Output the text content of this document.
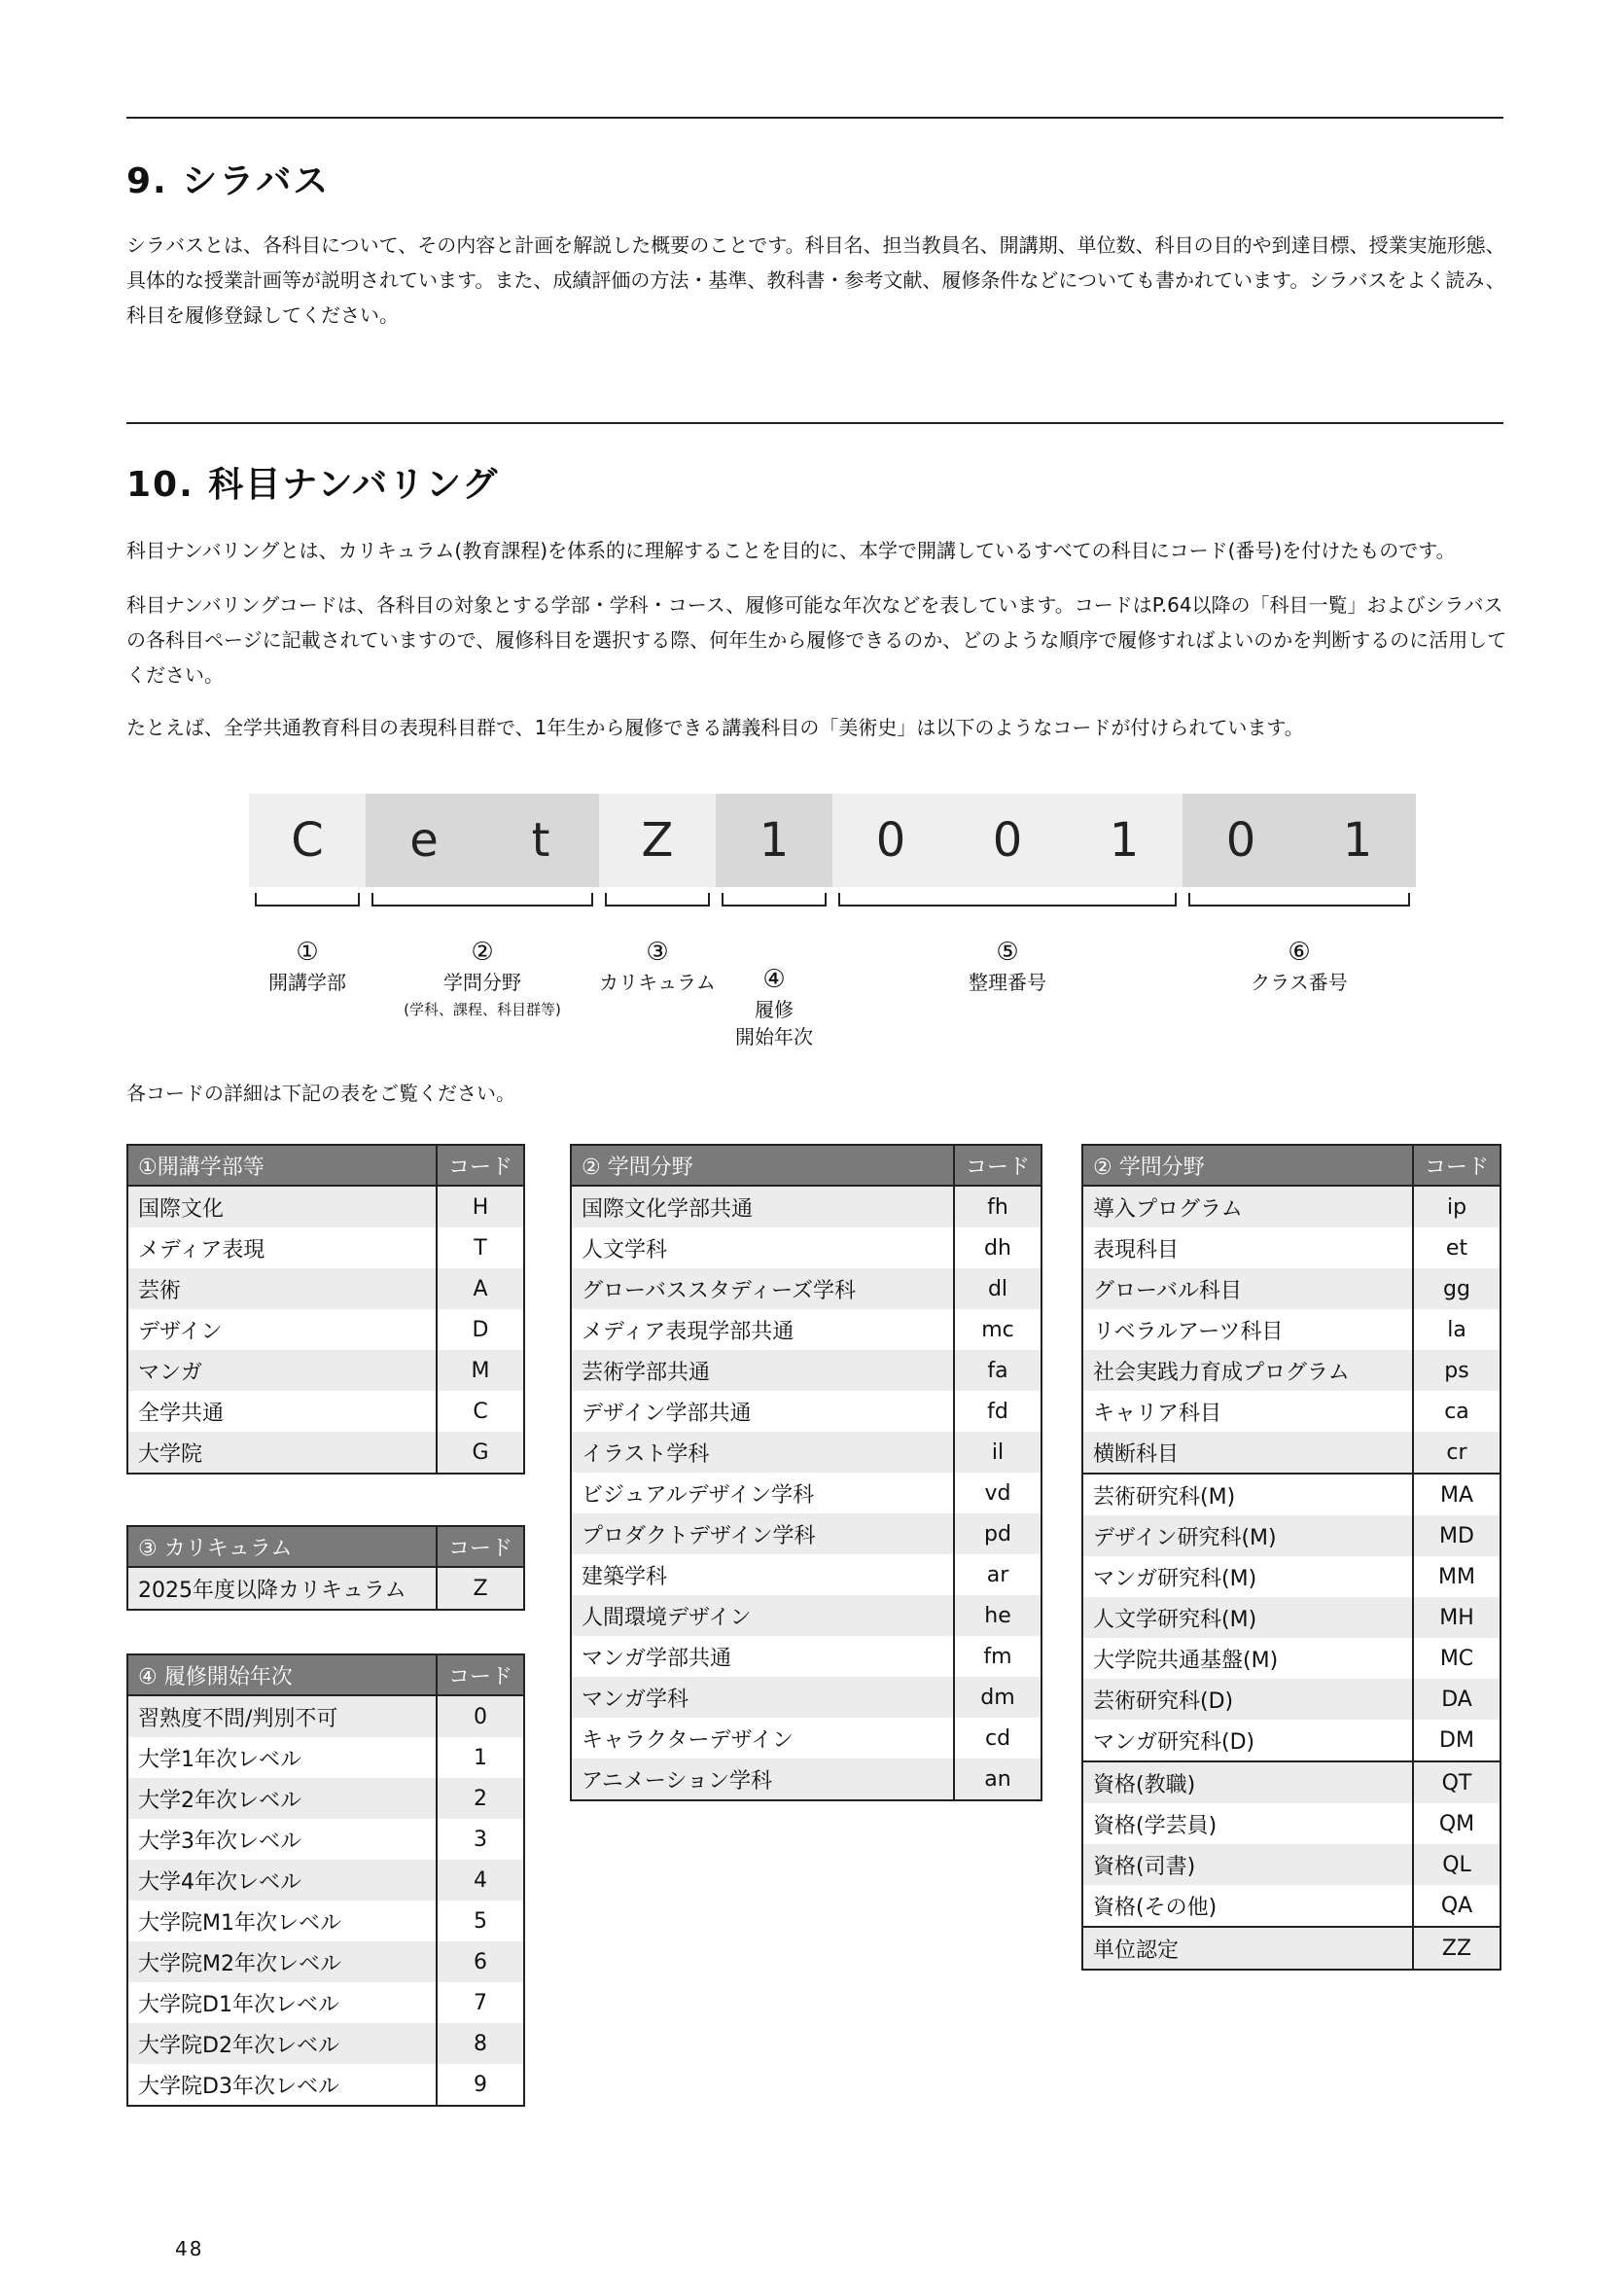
9. シラバス

シラバスとは、各科目について、その内容と計画を解説した概要のことです。科目名、担当教員名、開講期、単位数、科目の目的や到達目標、授業実施形態、具体的な授業計画等が説明されています。また、成績評価の方法・基準、教科書・参考文献、履修条件などについても書かれています。シラバスをよく読み、科目を履修登録してください。

10. 科目ナンバリング

科目ナンバリングとは、カリキュラム(教育課程)を体系的に理解することを目的に、本学で開講しているすべての科目にコード(番号)を付けたものです。

科目ナンバリングコードは、各科目の対象とする学部・学科・コース、履修可能な年次などを表しています。コードはP.64以降の「科目一覧」およびシラバスの各科目ページに記載されていますので、履修科目を選択する際、何年生から履修できるのか、どのような順序で履修すればよいのかを判断するのに活用してください。

たとえば、全学共通教育科目の表現科目群で、1年生から履修できる講義科目の「美術史」は以下のようなコードが付けられています。

C	e	t	Z	1	0	0	1	0	1
①
開講学部
②
学問分野
(学科、課程、科目群等)
③
カリキュラム	④
履修
開始年次

⑤
整理番号
⑥
クラス番号

各コードの詳細は下記の表をご覧ください。

①開講学部等	コード
国際文化	H
メディア表現	T
芸術	A
デザイン	D
マンガ	M
全学共通	C
大学院	G
③ カリキュラム	コード
2025年度以降カリキュラム	Z
④ 履修開始年次	コード
習熟度不問/判別不可	0
大学1年次レベル	1
大学2年次レベル	2
大学3年次レベル	3
大学4年次レベル	4
大学院M1年次レベル	5
大学院M2年次レベル	6
大学院D1年次レベル	7
大学院D2年次レベル	8
大学院D3年次レベル	9
② 学問分野	コード
国際文化学部共通	fh
人文学科	dh
グローバススタディーズ学科	dl
メディア表現学部共通	mc
芸術学部共通	fa
デザイン学部共通	fd
イラスト学科	il
ビジュアルデザイン学科	vd
プロダクトデザイン学科	pd
建築学科	ar
人間環境デザイン	he
マンガ学部共通	fm
マンガ学科	dm
キャラクターデザイン	cd
アニメーション学科	an
② 学問分野	コード
導入プログラム	ip
表現科目	et
グローバル科目	gg
リベラルアーツ科目	la
社会実践力育成プログラム	ps
キャリア科目	ca
横断科目	cr
芸術研究科(M)	MA
デザイン研究科(M)	MD
マンガ研究科(M)	MM
人文学研究科(M)	MH
大学院共通基盤(M)	MC
芸術研究科(D)	DA
マンガ研究科(D)	DM
資格(教職)	QT
資格(学芸員)	QM
資格(司書)	QL
資格(その他)	QA
単位認定	ZZ
48
